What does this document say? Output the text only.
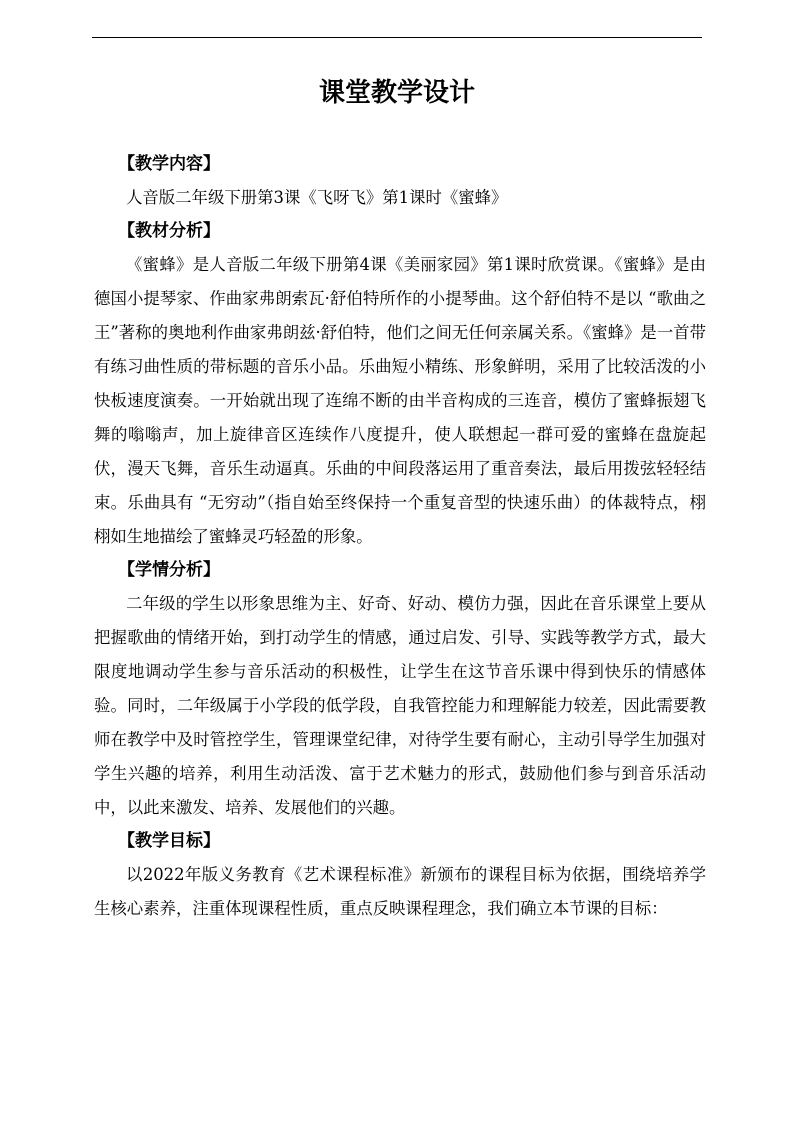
课堂教学设计
【教学内容】

人音版二年级下册第3课《飞呀飞》第1课时《蜜蜂》

【教材分析】

《蜜蜂》是人音版二年级下册第4课《美丽家园》第1课时欣赏课。《蜜蜂》是由德国小提琴家、作曲家弗朗索瓦·舒伯特所作的小提琴曲。这个舒伯特不是以 “歌曲之王”著称的奥地利作曲家弗朗兹·舒伯特，他们之间无任何亲属关系。《蜜蜂》是一首带有练习曲性质的带标题的音乐小品。乐曲短小精练、形象鲜明，采用了比较活泼的小快板速度演奏。一开始就出现了连绵不断的由半音构成的三连音，模仿了蜜蜂振翅飞舞的嗡嗡声，加上旋律音区连续作八度提升，使人联想起一群可爱的蜜蜂在盘旋起伏，漫天飞舞，音乐生动逼真。乐曲的中间段落运用了重音奏法，最后用拨弦轻轻结束。乐曲具有 “无穷动”（指自始至终保持一个重复音型的快速乐曲）的体裁特点，栩栩如生地描绘了蜜蜂灵巧轻盈的形象。

【学情分析】

二年级的学生以形象思维为主、好奇、好动、模仿力强，因此在音乐课堂上要从把握歌曲的情绪开始，到打动学生的情感，通过启发、引导、实践等教学方式，最大限度地调动学生参与音乐活动的积极性，让学生在这节音乐课中得到快乐的情感体验。同时，二年级属于小学段的低学段，自我管控能力和理解能力较差，因此需要教师在教学中及时管控学生，管理课堂纪律，对待学生要有耐心，主动引导学生加强对学生兴趣的培养，利用生动活泼、富于艺术魅力的形式，鼓励他们参与到音乐活动中，以此来激发、培养、发展他们的兴趣。

【教学目标】

以2022年版义务教育《艺术课程标准》新颁布的课程目标为依据，围绕培养学生核心素养，注重体现课程性质，重点反映课程理念，我们确立本节课的目标：
